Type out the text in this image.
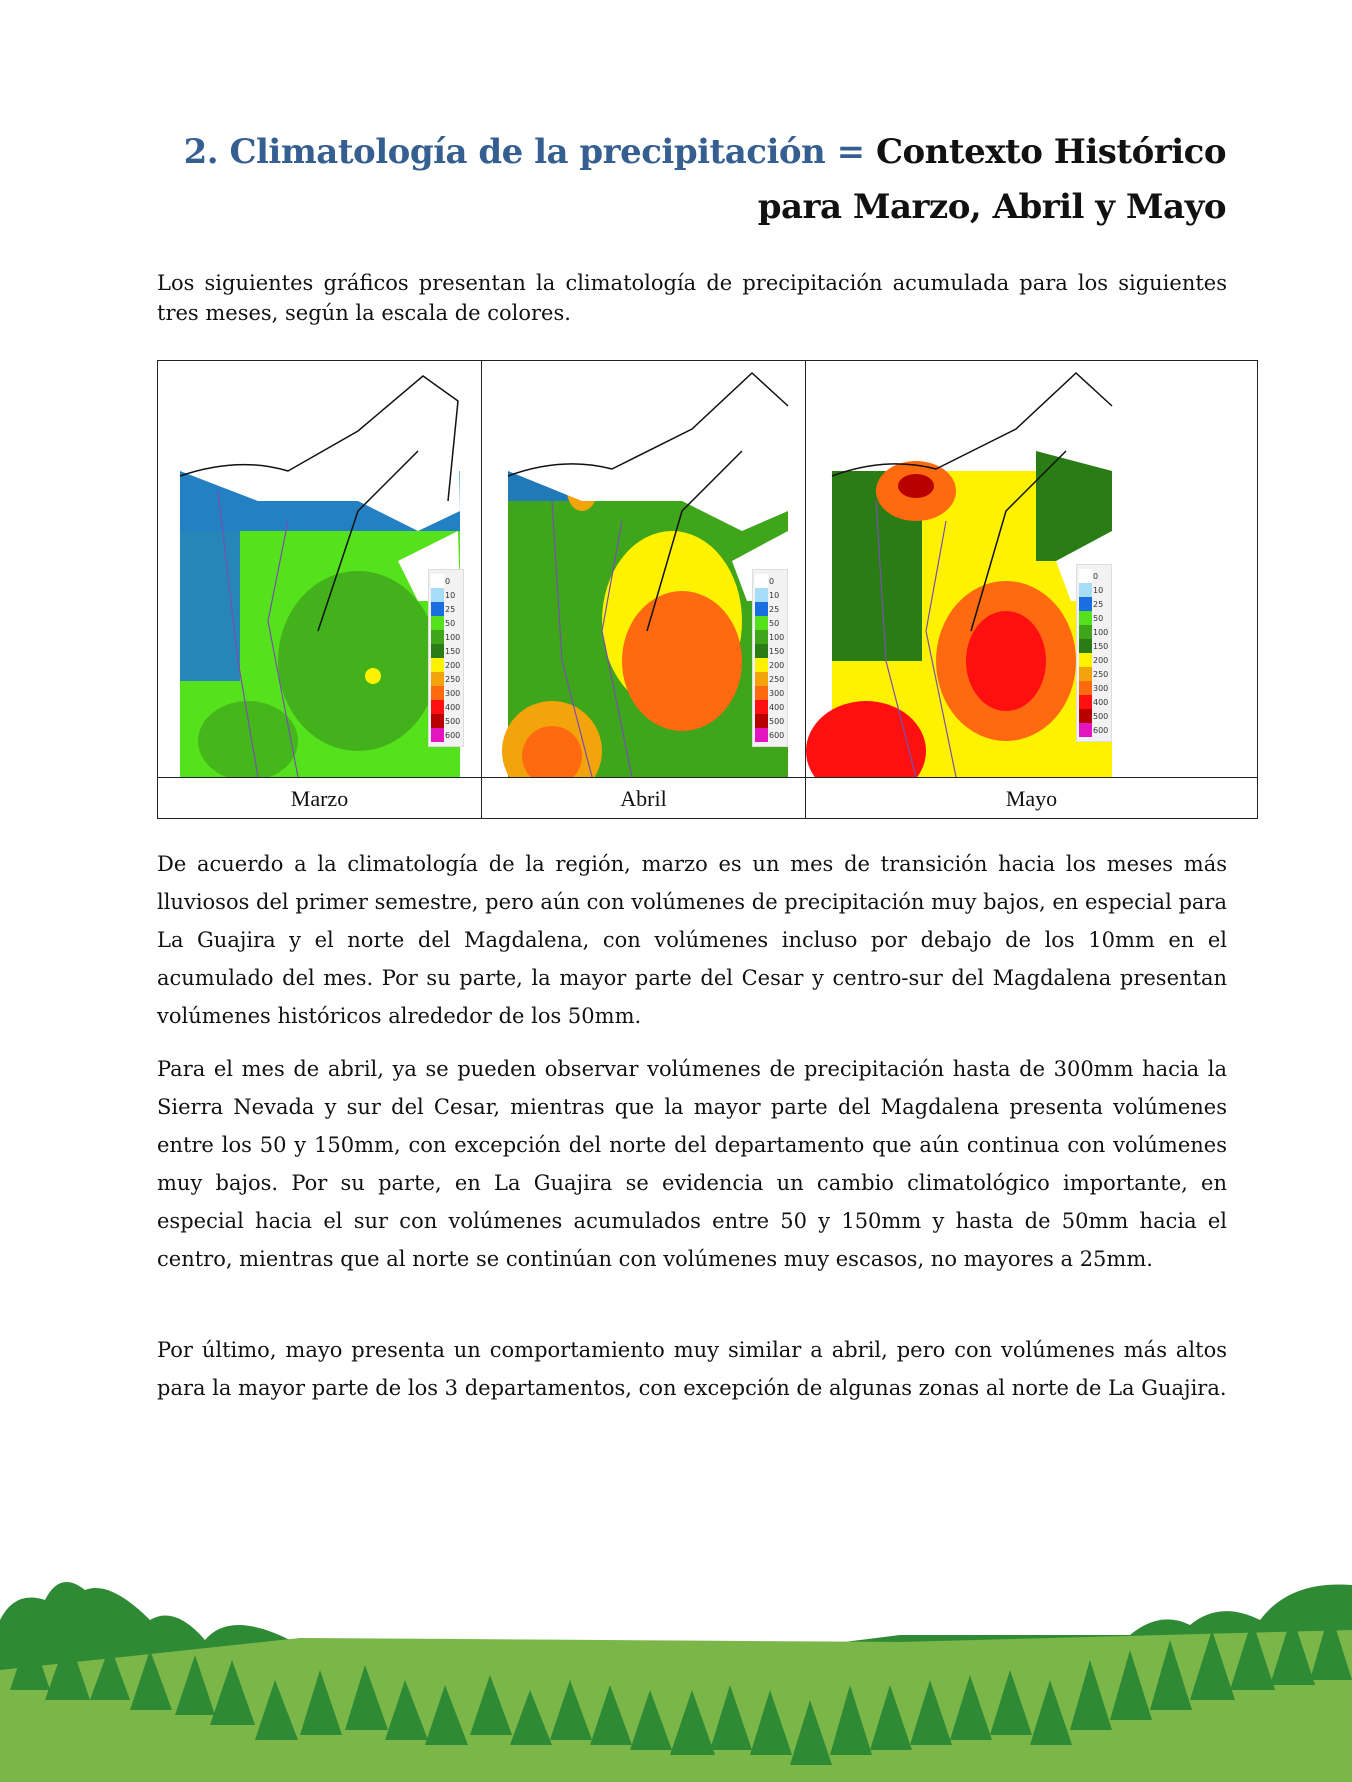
2. Climatología de la precipitación = Contexto Histórico
para Marzo, Abril y Mayo
Los siguientes gráficos presentan la climatología de precipitación acumulada para los siguientes tres meses, según la escala de colores.
0
10
25
50
100
150
200
250
300
400
500
600
0
10
25
50
100
150
200
250
300
400
500
600
0
10
25
50
100
150
200
250
300
400
500
600
Marzo	Abril	Mayo
De acuerdo a la climatología de la región, marzo es un mes de transición hacia los meses más lluviosos del primer semestre, pero aún con volúmenes de precipitación muy bajos, en especial para La Guajira y el norte del Magdalena, con volúmenes incluso por debajo de los 10mm en el acumulado del mes. Por su parte, la mayor parte del Cesar y centro-sur del Magdalena presentan volúmenes históricos alrededor de los 50mm.
Para el mes de abril, ya se pueden observar volúmenes de precipitación hasta de 300mm hacia la Sierra Nevada y sur del Cesar, mientras que la mayor parte del Magdalena presenta volúmenes entre los 50 y 150mm, con excepción del norte del departamento que aún continua con volúmenes muy bajos. Por su parte, en La Guajira se evidencia un cambio climatológico importante, en especial hacia el sur con volúmenes acumulados entre 50 y 150mm y hasta de 50mm hacia el centro, mientras que al norte se continúan con volúmenes muy escasos, no mayores a 25mm.
Por último, mayo presenta un comportamiento muy similar a abril, pero con volúmenes más altos para la mayor parte de los 3 departamentos, con excepción de algunas zonas al norte de La Guajira.
